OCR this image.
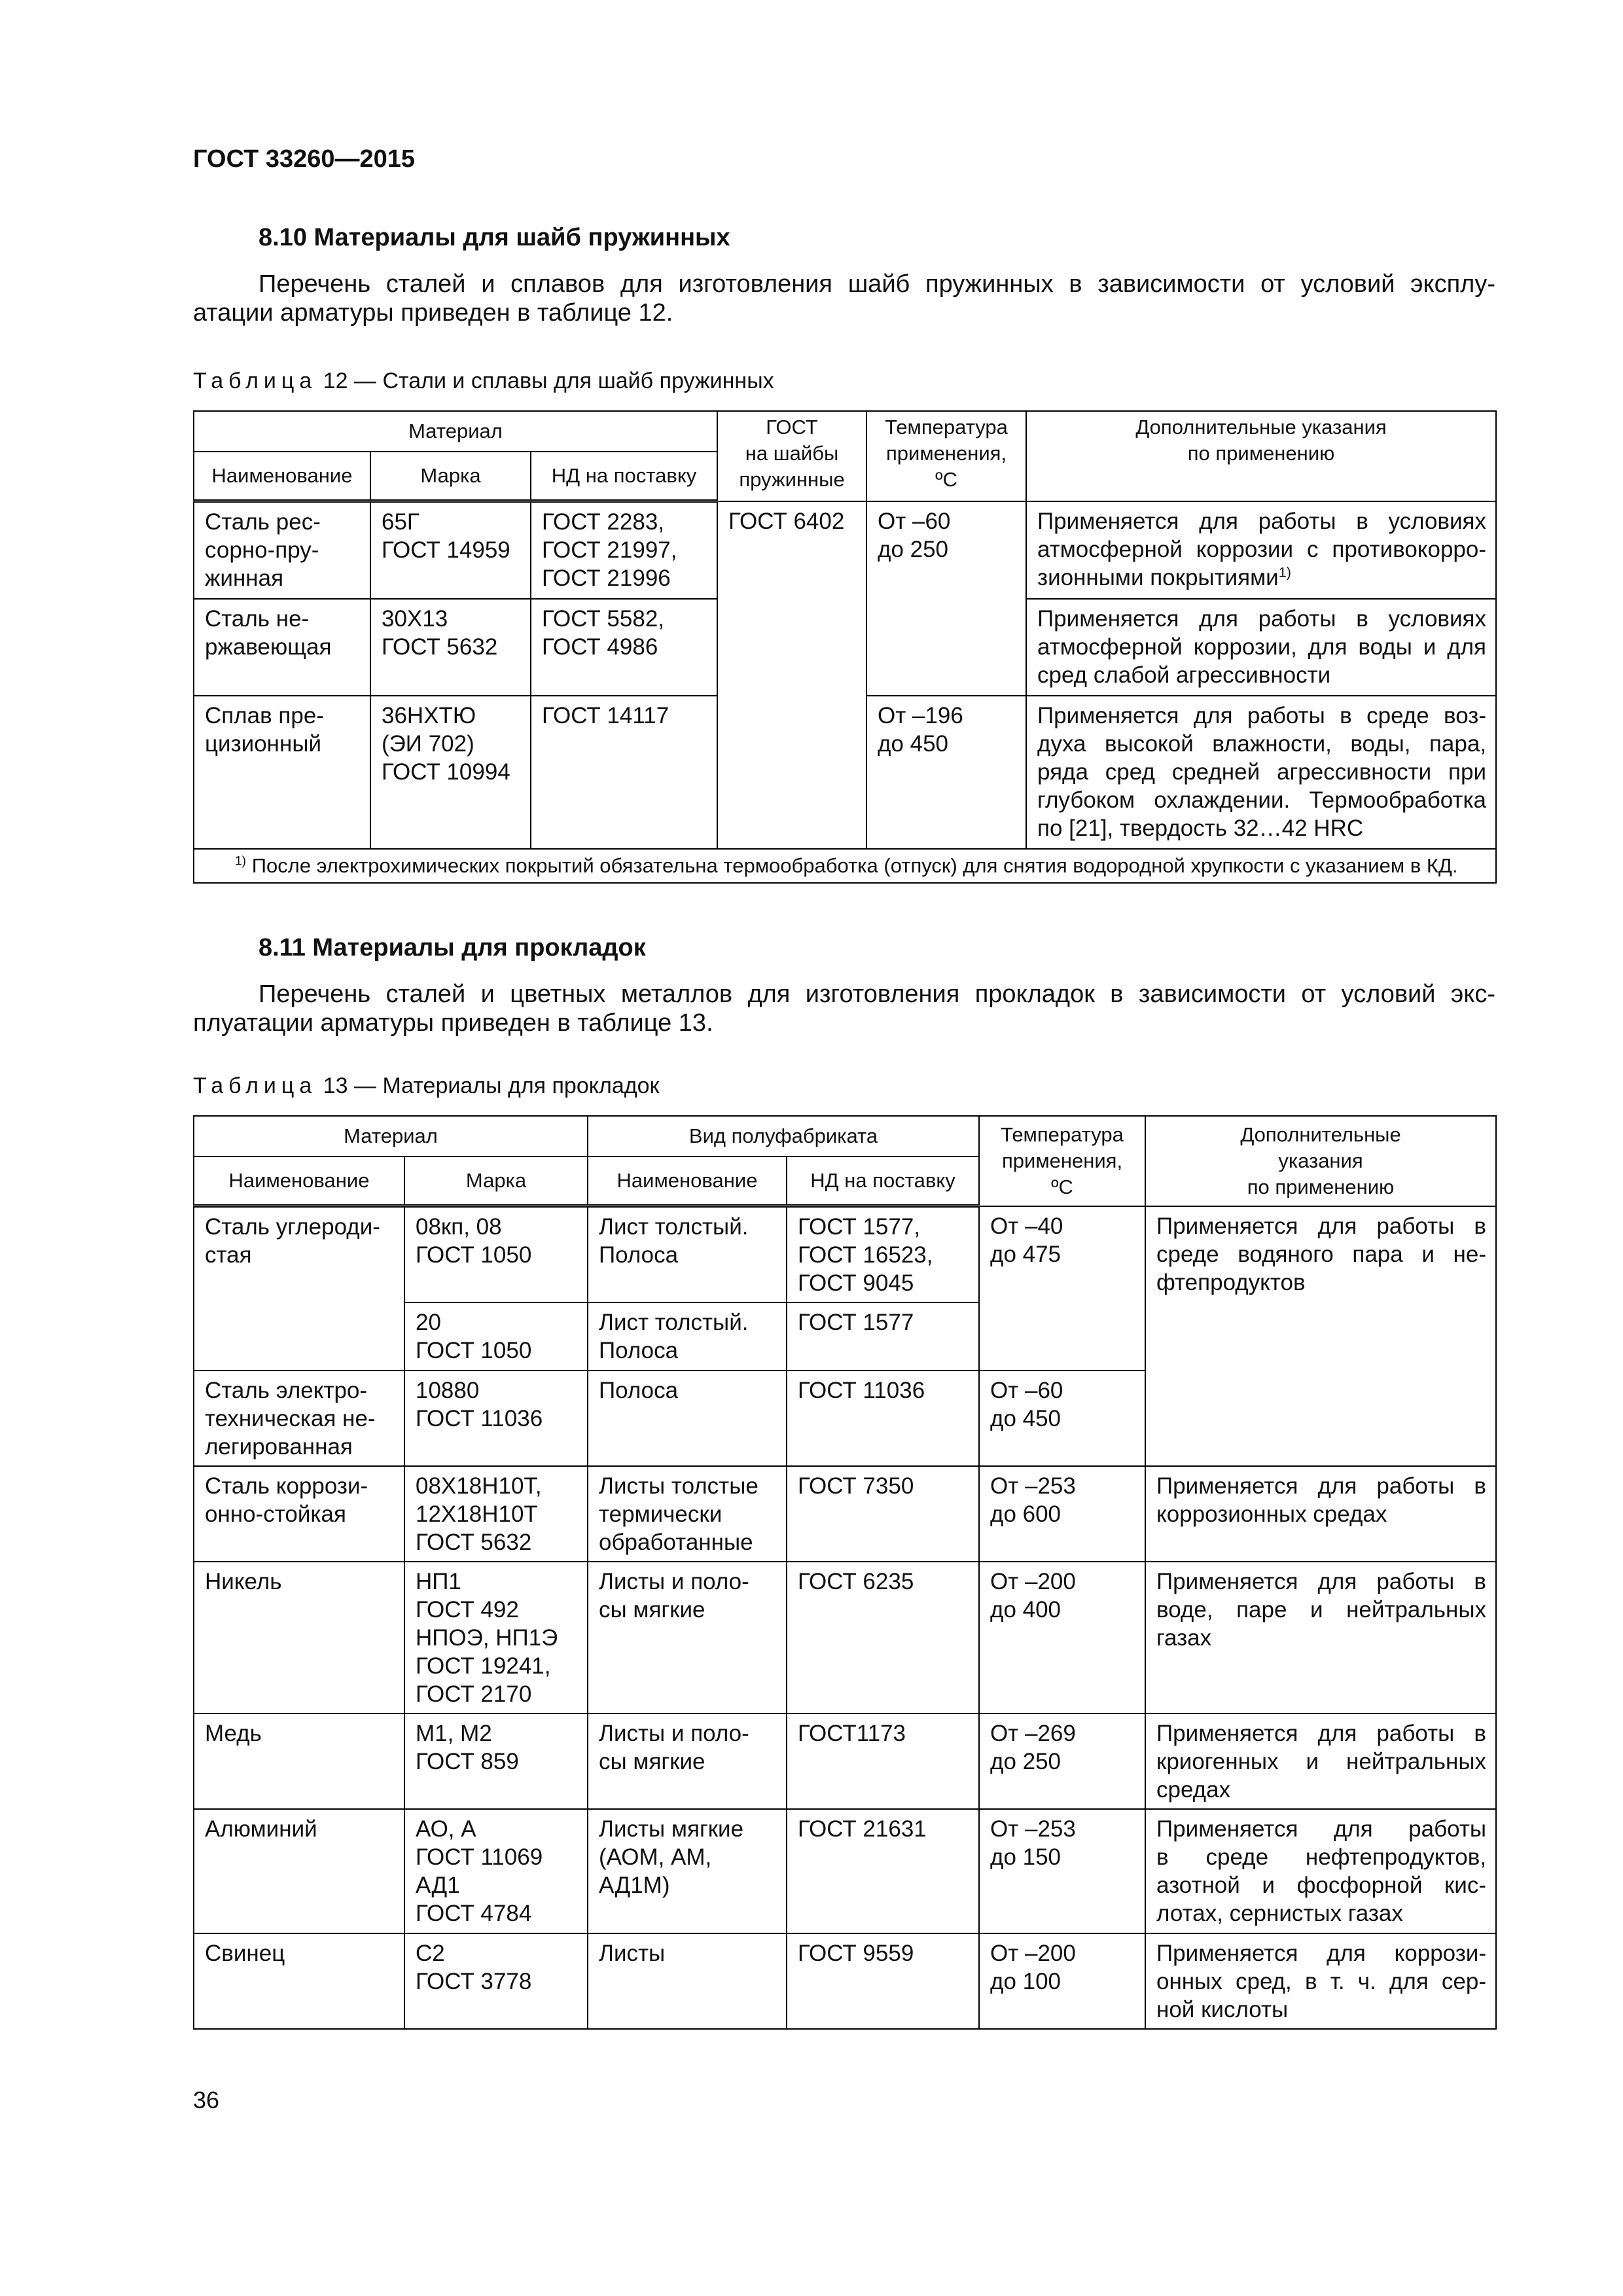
ГОСТ 33260—2015
8.10 Материалы для шайб пружинных
Перечень сталей и сплавов для изготовления шайб пружинных в зависимости от условий эксплу-
атации арматуры приведен в таблице 12.
Таблица 12 — Стали и сплавы для шайб пружинных
Материал			ГОСТ
на шайбы
пружинные	Температура
применения,
ºС	Дополнительные указания
по применению

Наименование	Марка	НД на поставку			

Сталь рес-
сорно-пру-
жинная	65Г
ГОСТ 14959	ГОСТ 2283,
ГОСТ 21997,
ГОСТ 21996	ГОСТ 6402	От –60
до 250	Применяется для работы в условиях
атмосферной коррозии с противокорро-
зионными покрытиями$^{1)}$

Сталь не-
ржавеющая	30Х13
ГОСТ 5632	ГОСТ 5582,
ГОСТ 4986			Применяется для работы в условиях
атмосферной коррозии, для воды и для
сред слабой агрессивности

Сплав пре-
цизионный	36НХТЮ
(ЭИ 702)
ГОСТ 10994	ГОСТ 14117		От –196
до 450	Применяется для работы в среде воз-
духа высокой влажности, воды, пара,
ряда сред средней агрессивности при
глубоком охлаждении. Термообработка
по [21], твердость 32…42 HRC

$^{1)}$ После электрохимических покрытий обязательна термообработка (отпуск) для снятия водородной хрупкости с указанием в КД.					
8.11 Материалы для прокладок
Перечень сталей и цветных металлов для изготовления прокладок в зависимости от условий экс-
плуатации арматуры приведен в таблице 13.
Таблица 13 — Материалы для прокладок
Материал		Вид полуфабриката		Температура
применения,
ºС	Дополнительные
указания
по применению

Наименование	Марка	Наименование	НД на поставку		

Сталь углероди-
стая	08кп, 08
ГОСТ 1050	Лист толстый.
Полоса	ГОСТ 1577,
ГОСТ 16523,
ГОСТ 9045	От –40
до 475	Применяется для работы в
среде водяного пара и не-
фтепродуктов

	20
ГОСТ 1050	Лист толстый.
Полоса	ГОСТ 1577		

Сталь электро-
техническая не-
легированная	10880
ГОСТ 11036	Полоса	ГОСТ 11036	От –60
до 450	

Сталь коррози-
онно-стойкая	08Х18Н10Т,
12Х18Н10Т
ГОСТ 5632	Листы толстые
термически
обработанные	ГОСТ 7350	От –253
до 600	Применяется для работы в
коррозионных средах

Никель	НП1
ГОСТ 492
НПОЭ, НП1Э
ГОСТ 19241,
ГОСТ 2170	Листы и поло-
сы мягкие	ГОСТ 6235	От –200
до 400	Применяется для работы в
воде, паре и нейтральных
газах

Медь	М1, М2
ГОСТ 859	Листы и поло-
сы мягкие	ГОСТ1173	От –269
до 250	Применяется для работы в
криогенных и нейтральных
средах

Алюминий	АО, А
ГОСТ 11069
АД1
ГОСТ 4784	Листы мягкие
(АОМ, АМ,
АД1М)	ГОСТ 21631	От –253
до 150	Применяется для работы
в среде нефтепродуктов,
азотной и фосфорной кис-
лотах, сернистых газах

Свинец	С2
ГОСТ 3778	Листы	ГОСТ 9559	От –200
до 100	Применяется для коррози-
онных сред, в т. ч. для сер-
ной кислоты
36
